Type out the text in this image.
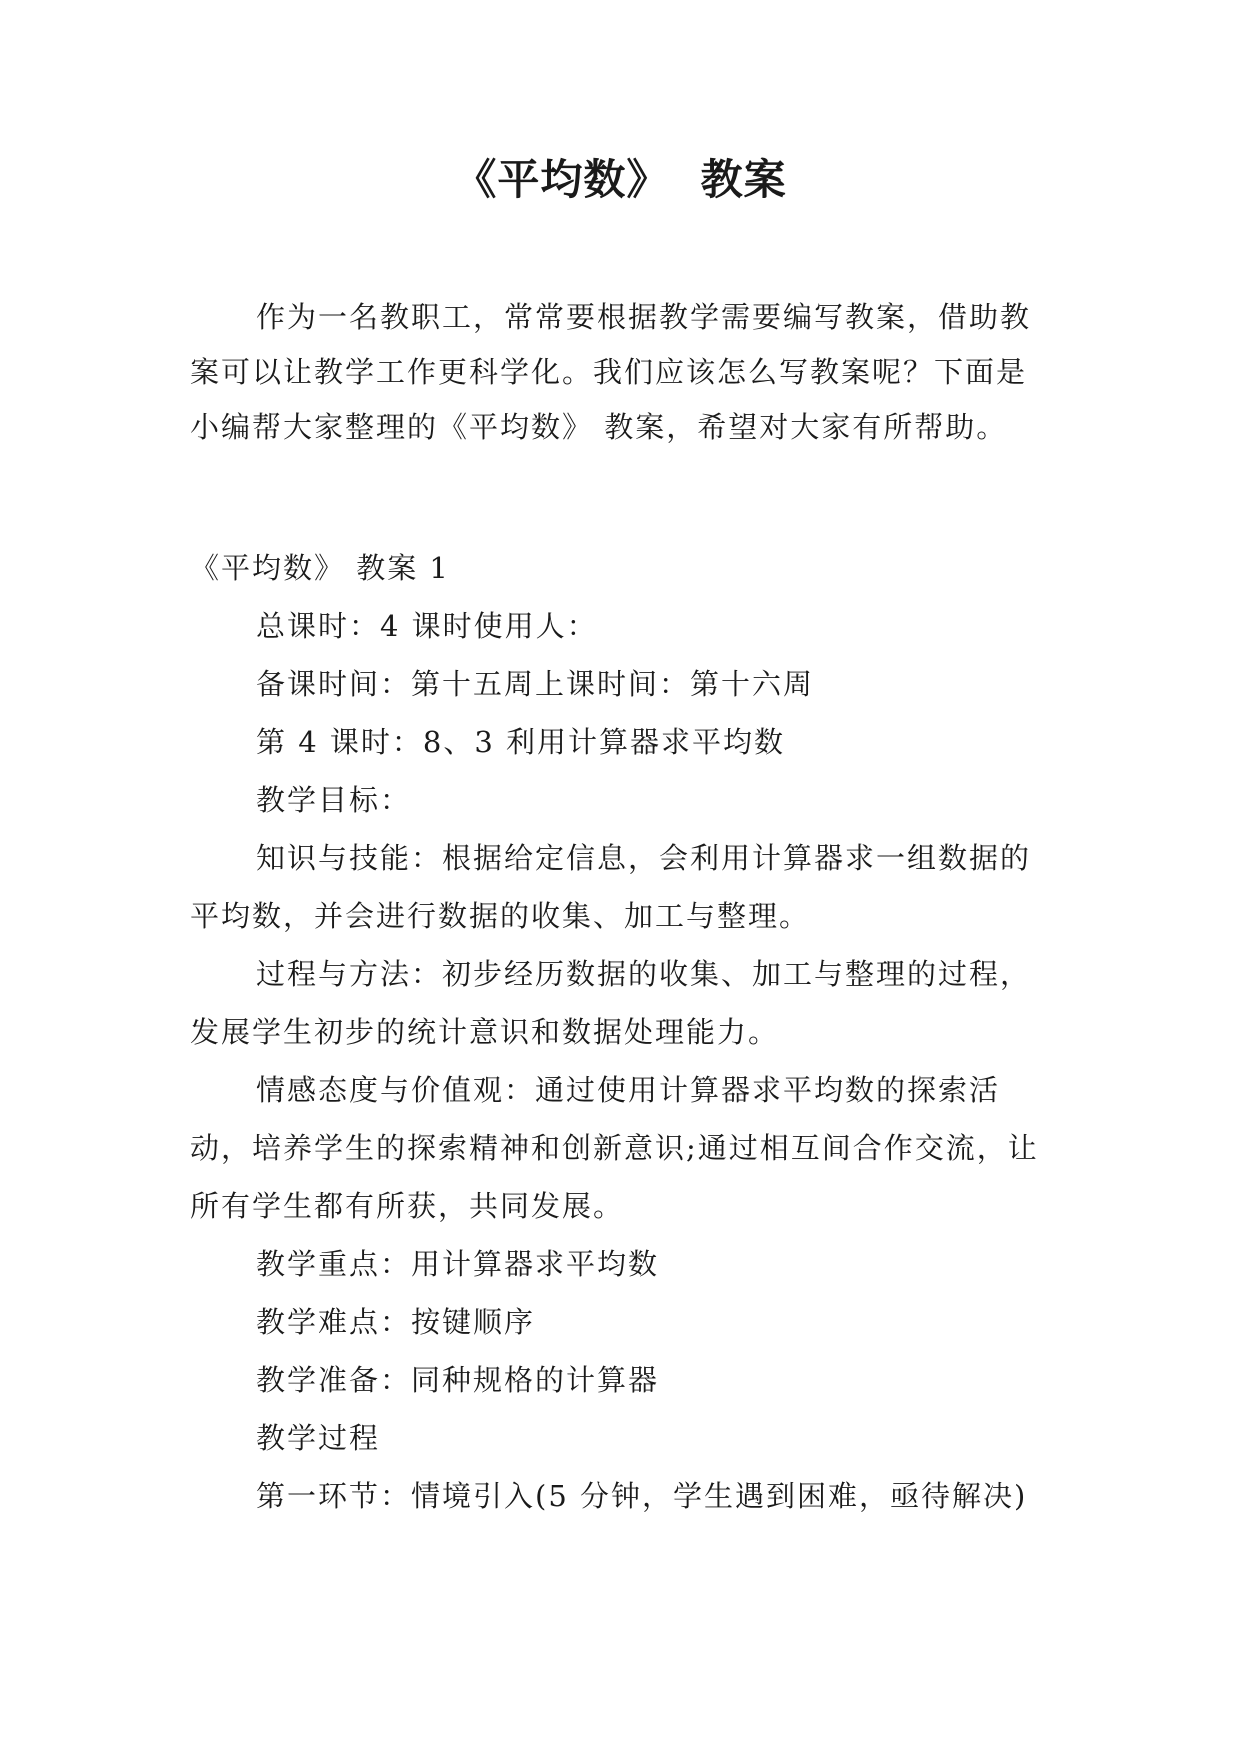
《平均数》  教案

作为一名教职工，常常要根据教学需要编写教案，借助教案可以让教学工作更科学化。我们应该怎么写教案呢？下面是小编帮大家整理的《平均数》 教案，希望对大家有所帮助。

《平均数》 教案 1

总课时：4 课时使用人：

备课时间：第十五周上课时间：第十六周

第 4 课时：8、3 利用计算器求平均数

教学目标：

知识与技能：根据给定信息，会利用计算器求一组数据的平均数，并会进行数据的收集、加工与整理。

过程与方法：初步经历数据的收集、加工与整理的过程，发展学生初步的统计意识和数据处理能力。

情感态度与价值观：通过使用计算器求平均数的探索活动，培养学生的探索精神和创新意识;通过相互间合作交流，让所有学生都有所获，共同发展。

教学重点：用计算器求平均数

教学难点：按键顺序

教学准备：同种规格的计算器

教学过程

第一环节：情境引入(5 分钟，学生遇到困难，亟待解决)
